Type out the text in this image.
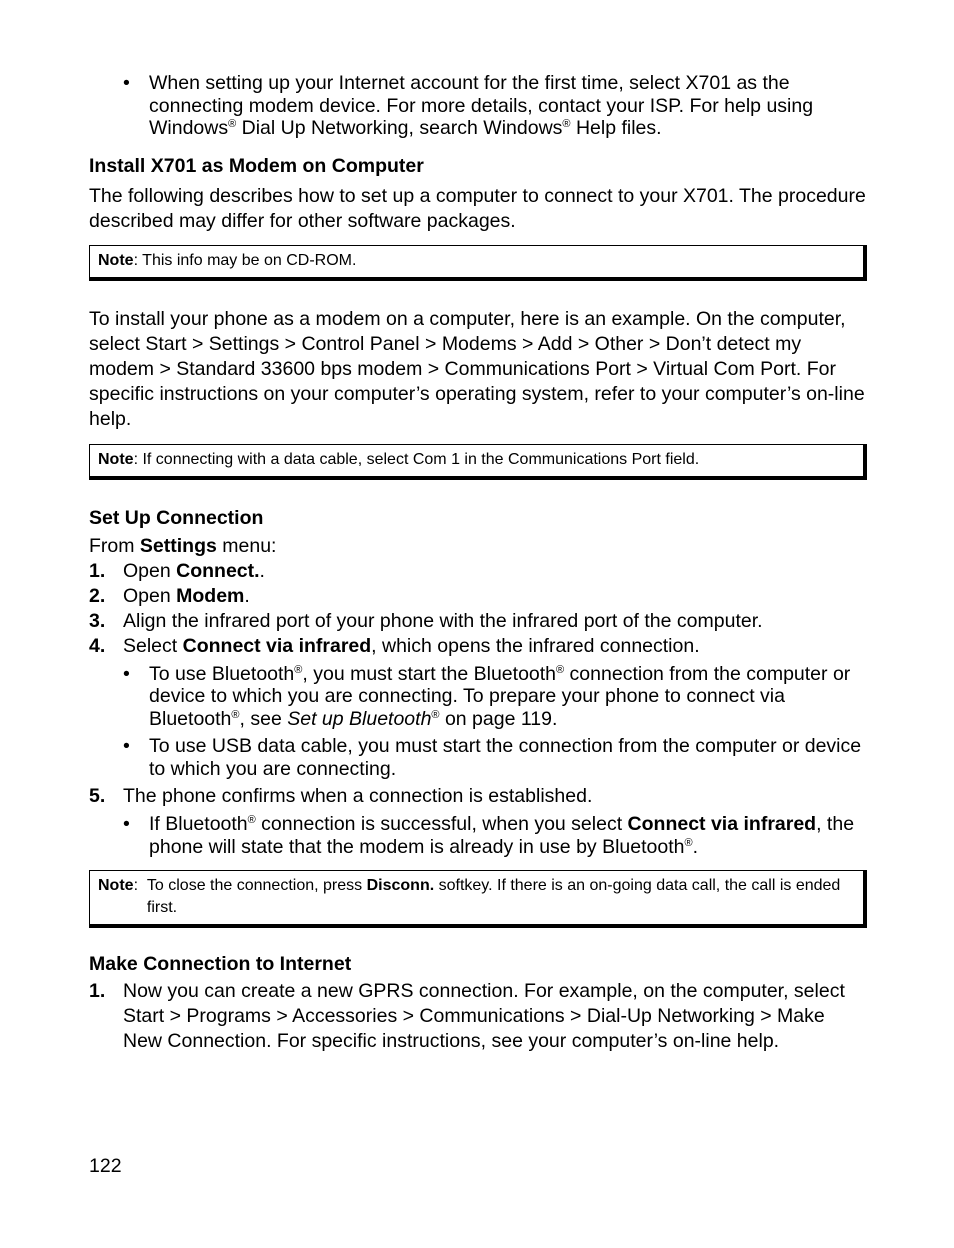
• When setting up your Internet account for the first time, select X701 as the connecting modem device. For more details, contact your ISP. For help using Windows® Dial Up Networking, search Windows® Help files.
Install X701 as Modem on Computer

The following describes how to set up a computer to connect to your X701. The procedure described may differ for other software packages.

Note: This info may be on CD-ROM.

To install your phone as a modem on a computer, here is an example. On the computer, select Start > Settings > Control Panel > Modems > Add > Other > Don’t detect my modem > Standard 33600 bps modem > Communications Port > Virtual Com Port. For specific instructions on your computer’s operating system, refer to your computer’s on-line help.

Note: If connecting with a data cable, select Com 1 in the Communications Port field.
Set Up Connection

From Settings menu:

1. Open Connect..
2. Open Modem.
3. Align the infrared port of your phone with the infrared port of the computer.
4. Select Connect via infrared, which opens the infrared connection.
• To use Bluetooth®, you must start the Bluetooth® connection from the computer or device to which you are connecting. To prepare your phone to connect via Bluetooth®, see Set up Bluetooth® on page 119.
• To use USB data cable, you must start the connection from the computer or device to which you are connecting.
5. The phone confirms when a connection is established.
• If Bluetooth® connection is successful, when you select Connect via infrared, the phone will state that the modem is already in use by Bluetooth®.
Note: To close the connection, press Disconn. softkey. If there is an on-going data call, the call is ended first.
Make Connection to Internet
1. Now you can create a new GPRS connection. For example, on the computer, select Start > Programs > Accessories > Communications > Dial-Up Networking > Make New Connection. For specific instructions, see your computer’s on-line help.
122
